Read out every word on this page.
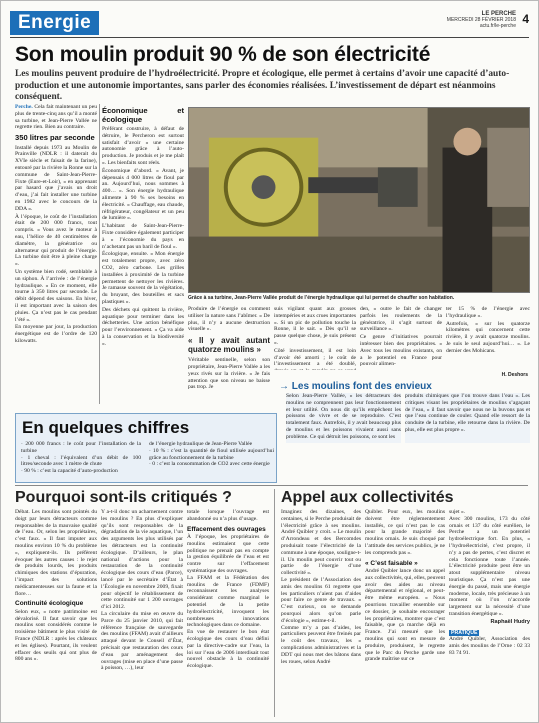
Energie	LE PERCHE
MERCREDI 28 FÉVRIER 2018
actu.fr/le-perche 4
Son moulin produit 90 % de son électricité
Les moulins peuvent produire de l’hydroélectricité. Propre et écologique, elle permet à certains d’avoir une capacité d’auto-production et une autonomie importantes, sans parler des économies réalisées. L’investissement de départ est néanmoins conséquent.

Perche. Cela fait maintenant un peu plus de trente-cinq ans qu’il a monté sa turbine, et Jean-Pierre Vallée ne regrette rien. Bien au contraire.

350 litres par seconde

Installé depuis 1973 au Moulin de Prainville (NDLR : il daterait du XVIe siècle et faisait de la farine), entouré par la rivière la Ronne sur la commune de Saint-Jean-Pierre-Fixte (Eure-et-Loir), « en apprenant par hasard que j’avais un droit d’eau, j’ai fait installer une turbine en 1982 avec le concours de la DDA ».

À l’époque, le coût de l’installation était de 200 000 francs, tout compris. « Vous avez le moteur à eau, l’hélice de 40 centimètres de diamètre, la génératrice ou alternateur qui produit de l’énergie. La turbine doit être à pleine charge ».

Un système bien rodé, semblable à un siphon. À l’arrivée : de l’énergie hydraulique. « En ce moment, elle tourne à 350 litres par seconde. Le débit dépend des saisons. En hiver, il est important avec la saison des pluies. Ça n’est pas le cas pendant l’été ».

En moyenne par jour, la production énergétique est de l’ordre de 120 kilowatts.

Économique et écologique

Préférant construire, à défaut de détruire, le Percheron est surtout satisfait d’avoir « une certaine autonomie grâce à l’auto-production. Je produis et je me plaît ». Les bienfaits sont réels.

Économique d’abord. « Avant, je dépensais 4 000 litres de fioul par an. Aujourd’hui, nous sommes à 400… ». Son énergie hydraulique alimente à 90 % ses besoins en électricité. « Chauffage, eau chaude, réfrigérateur, congélateur et un peu de lumière ».

L’habitant de Saint-Jean-Pierre-Fixte considère également participer à « l’économie du pays en n’achetant pas un baril de fioul ».

Écologique, ensuite. « Mon énergie est totalement propre, avec zéro CO2, zéro carbone. Les grilles installées à proximité de la turbine permettent de nettoyer les rivières. Je ramasse souvent de la végétation, du bruyant, des bouteilles et sacs plastiques ».

Des déchets qui quittent la rivière, aquatique pour terminer dans les déchetteries. Une action bénéfique pour l’environnement. « Ça va aide à la conservation et la biodiversité ».

Grâce à sa turbine, Jean-Pierre Vallée produit de l’énergie hydraulique qui lui permet de chauffer son habitation.

Produire de l’énergie ou comment utiliser la nature sans l’abîmer. « De plus, il n’y a aucune destruction visuelle ».

« Il y avait autant quatorze moulins »

Véritable sentinelle, selon son propriétaire, Jean-Pierre Vallée a les yeux rivés sur la rivière. « Je fais attention que son niveau ne baisse pas trop. Je

suis vigilant quant aux grosses intempéries et aux crues importantes ». Si un pic de pollution touche la Ronne, il le sait. « Dès qu’il se passe quelque chose, je suis présent ».

Côté investissement, il est loin d’avoir été amorti ; le coût de l’investissement a été doublé,

den, « outre le fait de changer parfois les roulements de la génératrice, il s’agit surtout de surveillance ».

Ce genre d’initiatives pourrait intéresser bien des propriétaires. « Avec tous les moulins existants, on a le potentiel en France pour pouvoir alimen-

ter 15 % de l’énergie avec l’hydraulique ».

Autrefois, « sur les quatorze kilomètres qui concernent cette rivière, il y avait quatorze moulins. Je suis le seul aujourd’hui… ». Le dernier des Mohicans.

H. Deshors
→ Les moulins font des envieux
Selon Jean-Pierre Vallée, « les détracteurs des moulins ne comprennent pas leur fonctionnement et leur utilité. On nous dit qu’ils empêchent les poissons de vivre et de se reproduire. C’est totalement faux. Autrefois, il y avait beaucoup plus de moulins et les poissons vivaient aussi sans problème. Ce qui détruit les poissons, ce sont les
produits chimiques que l’on trouve dans l’eau ». Les critiques visant les propriétaires de moulins s’agaçant de l’eau, « il faut savoir que nous ne la buvons pas et que l’eau continue de couler. Quand elle ressort de la conduite de la turbine, elle retourne dans la rivière. De plus, elle est plus propre ».
En quelques chiffres
· 200 000 francs : le coût pour l’installation de la turbine
· 1 cheval : l’équivalent d’un débit de 100 litres/seconde avec 1 mètre de chute
· 90 % : c’est la capacité d’auto-production
de l’énergie hydraulique de Jean-Pierre Vallée
· 10 % : c’est la quantité de fioul utilisée aujourd’hui grâce au fonctionnement de la turbine
· 0 : c’est la consommation de CO2 avec cette énergie
Pourquoi sont-ils critiqués ?

Débat. Les moulins sont pointés du doigt par leurs détracteurs comme responsables de la mauvaise qualité de l’eau. Or, selon les propriétaires, c’est faux. « Il faut imputer aux moulins environ 10 % du problème », expliquent-ils. Ils préfèrent évoquer les autres causes : le rejet de produits lourds, les produits chimiques des stations d’épuration, l’impact des solutions médicamenteuses sur la faune et la flore…

Continuité écologique

Selon eux, « notre patrimoine est dévalorisé. Il faut savoir que les moulins sont considérés comme le troisième bâtiment le plus visité de France (NDLR : après les châteaux et les églises). Pourtant, ils veulent effacer des seuils qui ont plus de 800 ans ».

Y a-t-il donc un acharnement contre les moulins ? En plus d’expliquer qu’ils sont responsables de la dégradation de la vie aquatique, l’un des arguments les plus utilisés par les détracteurs est la continuité écologique. D’ailleurs, le plan national d’actions pour la restauration de la continuité écologique des cours d’eau (Parce), lancé par le secrétaire d’État à l’Écologie en novembre 2009, fixait pour objectif le rétablissement de cette continuité sur 1 200 ouvrages d’ici 2012.
La circulaire du mise en œuvre du Parce du 25 janvier 2010, qui fait référence française de sauvegarde des moulins (FFAM) avait d’ailleurs attaqué devant le Conseil d’État, précisait que restauration des cours d’eau par aménagement des ouvrages (mise en place d’une passe à poisson, …), leur

totale lorsque l’ouvrage est abandonné ou n’a plus d’usage.

Effacement des ouvrages

À l’époque, les propriétaires de moulins estimaient que cette politique ne prenait pas en compte la gestion équilibrée de l’eau et est contre sur l’effacement systématique des ouvrages.
La FFAM et la Fédération des moulins de France (FDMF) reconnaissent les analyses considérant comme marginal le potentiel de la petite hydroélectricité, invoquent les nombreuses innovations technologiques dans ce domaine.
En vue de restaurer le bon état écologique des cours d’eau défini par la directive-cadre sur l’eau, la loi sur l’eau de 2006 interdisait tout nouvel obstacle à la continuité écologique.

Appel aux collectivités
Imaginez des dizaines, des centaines, si le Perche produisait de l’électricité grâce à ses moulins. André Quibler y croit. « Le moulin d’Arrondeau et des Bercomdes produisait toute l’électricité de la commune à une époque, souligne-t-il. Un moulin peut couvrir tout ou partie de l’énergie d’une collectivité ».
Le président de l’Association des amis des moulins 61 regrette que les particuliers n’aient pas d’aides pour faire ce genre de travaux. « C’est curieux, on se demande pourquoi alors qu’on parle d’écologie », estime-t-il.
Comme m’y a pas d’aides, les particuliers peuvent être freinés par le coût des travaux, les « complications administratives et la DDT qui nous met des bâtons dans les roues, selon André

Quibler. Pour eux, les moulins doivent être réglementement installés, ce qui n’est pas le cas pour la grande majorité des moulins ornais. Je suis choqué par l’attitude des services publics, je ne les comprends pas ».

« C’est faisable »

André Quibler lance donc un appel aux collectivités, qui, elles, peuvent avoir des aides au niveau départemental et régional, et peut-être même européen. « Nous pourrions travailler ensemble sur ce dossier, je souhaite encourager les propriétaires, montrer que c’est faisable, que ça marche déjà en France. J’ai mesuré que les moulins qui sont en mesure de produire, produisent, le regrette que le Parc du Perche garde une grande maîtrise sur ce

sujet ».
Avec 300 moulins, 173 du côté ornais et 137 du côté eurélien, le Perche a un potentiel hydroélectrique fort. En plus, « l’hydroélectricité, c’est propre, il n’y a pas de pertes, c’est discret et cela fonctionne toute l’année. L’électricité produite peut être un atout supplémentaire niveau touristique. Ça n’est pas une énergie du passé, mais une énergie moderne, locale, très précieuse à un moment où l’on n’accorde largement sur la nécessité d’une transition énergétique ».

Raphaël Hudry

PRATIQUE

André Quibler, Association des amis des moulins de l’Orne : 02 33 83 74 91.
